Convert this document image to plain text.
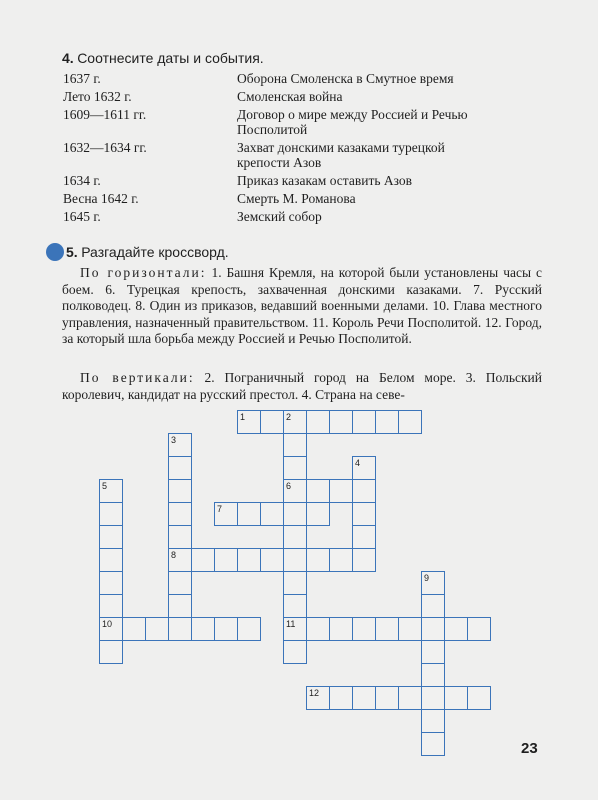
4. Соотнесите даты и события.
1637 г.	Оборона Смоленска в Смутное время

Лето 1632 г.	Смоленская война

1609—1611 гг.	Договор о мире между Россией и Речью
Посполитой

1632—1634 гг.	Захват донскими казаками турецкой
крепости Азов

1634 г.	Приказ казакам оставить Азов

Весна 1642 г.	Смерть М. Романова

1645 г.	Земский собор
5. Разгадайте кроссворд.
По горизонтали: 1. Башня Кремля, на которой были установлены часы с боем. 6. Турецкая крепость, захваченная донскими казаками. 7. Русский полководец. 8. Один из приказов, ведавший военными делами. 10. Глава местного управления, назначенный правительством. 11. Король Речи Посполитой. 12. Город, за который шла борьба между Россией и Речью Посполитой.
По вертикали: 2. Пограничный город на Белом море. 3. Польский королевич, кандидат на русский престол. 4. Страна на севе-
1	2
3
4
5	6
7
8
9
10	11
12
23
